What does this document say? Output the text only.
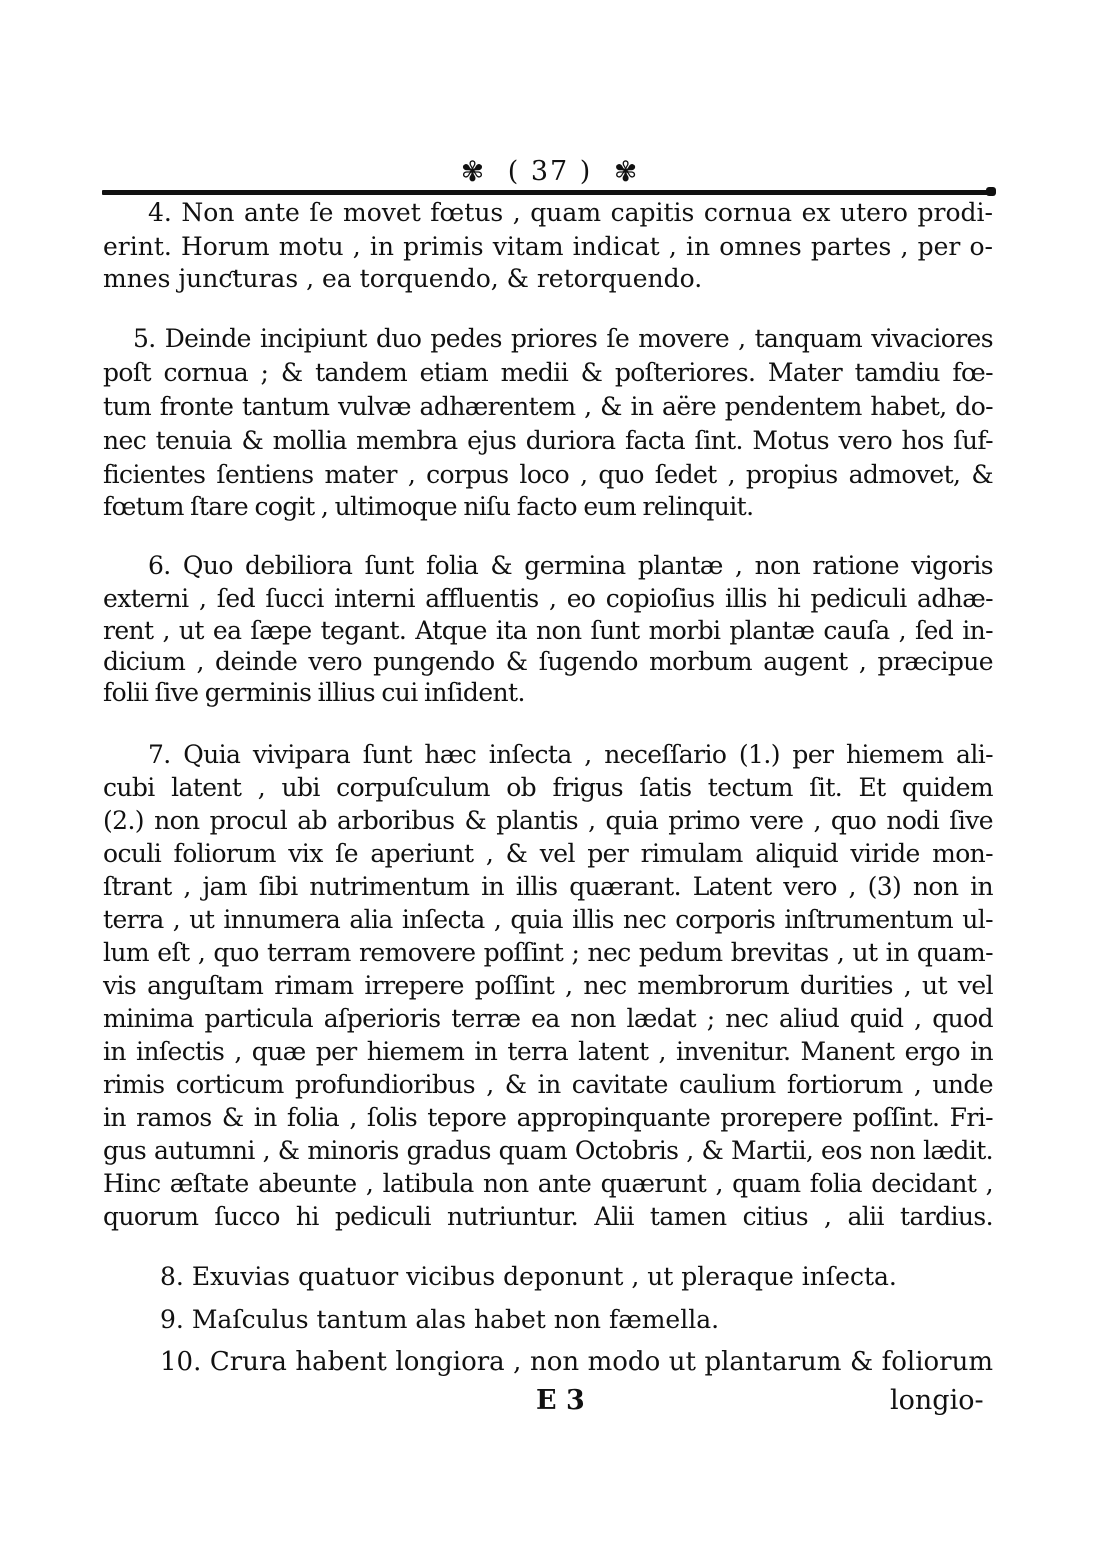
✾ ( 37 ) ✾
4. Non ante ſe movet fœtus , quam capitis cornua ex utero prodi-
erint. Horum motu , in primis vitam indicat , in omnes partes , per o-
mnes junƈturas , ea torquendo, & retorquendo.
5. Deinde incipiunt duo pedes priores ſe movere , tanquam vivaciores
poſt cornua ; & tandem etiam medii & poſteriores. Mater tamdiu fœ-
tum fronte tantum vulvæ adhærentem , & in aëre pendentem habet, do-
nec tenuia & mollia membra ejus duriora facta ſint. Motus vero hos ſuf-
ficientes ſentiens mater , corpus loco , quo ſedet , propius admovet, &
fœtum ſtare cogit , ultimoque niſu facto eum relinquit.
6. Quo debiliora ſunt folia & germina plantæ , non ratione vigoris
externi , ſed ſucci interni affluentis , eo copioſius illis hi pediculi adhæ-
rent , ut ea ſæpe tegant. Atque ita non ſunt morbi plantæ cauſa , ſed in-
dicium , deinde vero pungendo & ſugendo morbum augent , præcipue
folii ſive germinis illius cui inſident.
7. Quia vivipara ſunt hæc inſecta , neceſſario (1.) per hiemem ali-
cubi latent , ubi corpuſculum ob frigus ſatis tectum ſit. Et quidem
(2.) non procul ab arboribus & plantis , quia primo vere , quo nodi ſive
oculi foliorum vix ſe aperiunt , & vel per rimulam aliquid viride mon-
ſtrant , jam ſibi nutrimentum in illis quærant. Latent vero , (3) non in
terra , ut innumera alia inſecta , quia illis nec corporis inſtrumentum ul-
lum eſt , quo terram removere poſſint ; nec pedum brevitas , ut in quam-
vis anguſtam rimam irrepere poſſint , nec membrorum durities , ut vel
minima particula aſperioris terræ ea non lædat ; nec aliud quid , quod
in inſectis , quæ per hiemem in terra latent , invenitur. Manent ergo in
rimis corticum profundioribus , & in cavitate caulium fortiorum , unde
in ramos & in folia , ſolis tepore appropinquante prorepere poſſint. Fri-
gus autumni , & minoris gradus quam Octobris , & Martii, eos non lædit.
Hinc æſtate abeunte , latibula non ante quærunt , quam folia decidant ,
quorum ſucco hi pediculi nutriuntur. Alii tamen citius , alii tardius.
8. Exuvias quatuor vicibus deponunt , ut pleraque inſecta.
9. Maſculus tantum alas habet non fæmella.
10. Crura habent longiora , non modo ut plantarum & foliorum
E 3	longio-
